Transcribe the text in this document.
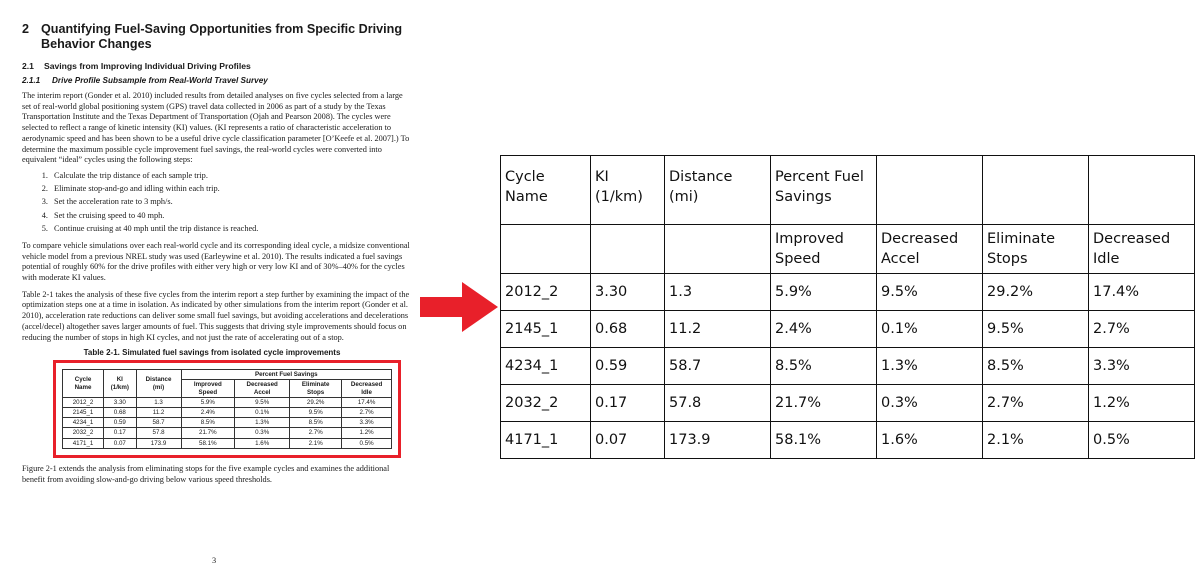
2 Quantifying Fuel-Saving Opportunities from Specific Driving Behavior Changes
2.1 Savings from Improving Individual Driving Profiles
2.1.1 Drive Profile Subsample from Real-World Travel Survey

The interim report (Gonder et al. 2010) included results from detailed analyses on five cycles selected from a large set of real-world global positioning system (GPS) travel data collected in 2006 as part of a study by the Texas Transportation Institute and the Texas Department of Transportation (Ojah and Pearson 2008). The cycles were selected to reflect a range of kinetic intensity (KI) values. (KI represents a ratio of characteristic acceleration to aerodynamic speed and has been shown to be a useful drive cycle classification parameter [O’Keefe et al. 2007].) To determine the maximum possible cycle improvement fuel savings, the real-world cycles were converted into equivalent “ideal” cycles using the following steps:

1. Calculate the trip distance of each sample trip.
2. Eliminate stop-and-go and idling within each trip.
3. Set the acceleration rate to 3 mph/s.
4. Set the cruising speed to 40 mph.
5. Continue cruising at 40 mph until the trip distance is reached.

To compare vehicle simulations over each real-world cycle and its corresponding ideal cycle, a midsize conventional vehicle model from a previous NREL study was used (Earleywine et al. 2010). The results indicated a fuel savings potential of roughly 60% for the drive profiles with either very high or very low KI and of 30%–40% for the cycles with moderate KI values.

Table 2-1 takes the analysis of these five cycles from the interim report a step further by examining the impact of the optimization steps one at a time in isolation. As indicated by other simulations from the interim report (Gonder et al. 2010), acceleration rate reductions can deliver some small fuel savings, but avoiding accelerations and decelerations (accel/decel) altogether saves larger amounts of fuel. This suggests that driving style improvements should focus on reducing the number of stops in high KI cycles, and not just the rate of accelerating out of a stop.

Table 2-1. Simulated fuel savings from isolated cycle improvements
Cycle Name	KI (1/km)	Distance (mi)	Percent Fuel Savings			
			Improved Speed	Decreased Accel	Eliminate Stops	Decreased Idle
2012_2	3.30	1.3	5.9%	9.5%	29.2%	17.4%
2145_1	0.68	11.2	2.4%	0.1%	9.5%	2.7%
4234_1	0.59	58.7	8.5%	1.3%	8.5%	3.3%
2032_2	0.17	57.8	21.7%	0.3%	2.7%	1.2%
4171_1	0.07	173.9	58.1%	1.6%	2.1%	0.5%

Figure 2-1 extends the analysis from eliminating stops for the five example cycles and examines the additional benefit from avoiding slow-and-go driving below various speed thresholds.

3
Cycle Name	KI (1/km)	Distance (mi)	Percent Fuel Savings			
			Improved Speed	Decreased Accel	Eliminate Stops	Decreased Idle
2012_2	3.30	1.3	5.9%	9.5%	29.2%	17.4%
2145_1	0.68	11.2	2.4%	0.1%	9.5%	2.7%
4234_1	0.59	58.7	8.5%	1.3%	8.5%	3.3%
2032_2	0.17	57.8	21.7%	0.3%	2.7%	1.2%
4171_1	0.07	173.9	58.1%	1.6%	2.1%	0.5%
